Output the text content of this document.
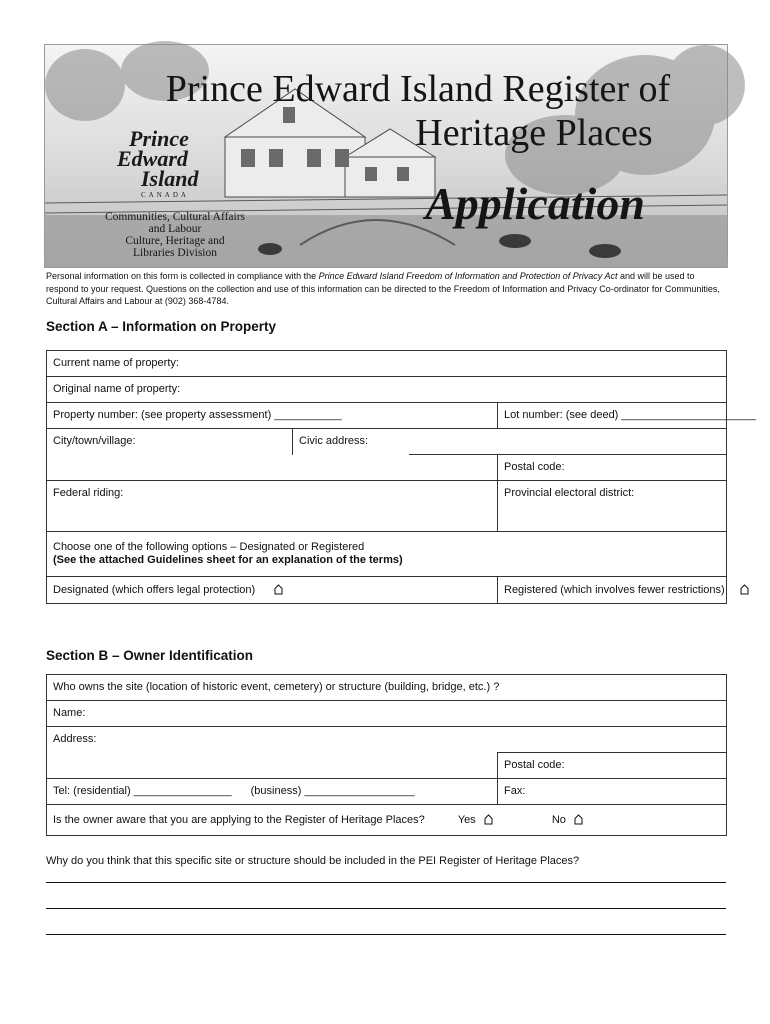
Prince Edward Island Register of
Heritage Places
Application
Prince
Edward
Island
CANADA
Communities, Cultural Affairs
and Labour
Culture, Heritage and
Libraries Division
Personal information on this form is collected in compliance with the Prince Edward Island Freedom of Information and Protection of Privacy Act and will be used to respond to your request. Questions on the collection and use of this information can be directed to the Freedom of Information and Privacy Co-ordinator for Communities, Cultural Affairs and Labour at (902) 368-4784.
Section A – Information on Property
Current name of property:			
Original name of property:			
Property number: (see property assessment) ___________			Lot number: (see deed) ______________________
City/town/village:	Civic address:		
			Postal code:
Federal riding:			Provincial electoral district:

Choose one of the following options – Designated or Registered
(See the attached Guidelines sheet for an explanation of the terms)			

Designated (which offers legal protection)			Registered (which involves fewer restrictions)
Section B – Owner Identification
Who owns the site (location of historic event, cemetery) or structure (building, bridge, etc.) ?	
Name:	
Address:	
	Postal code:
Tel: (residential) ________________ (business) __________________	Fax:
Is the owner aware that you are applying to the Register of Heritage Places? Yes No	
Why do you think that this specific site or structure should be included in the PEI Register of Heritage Places?
